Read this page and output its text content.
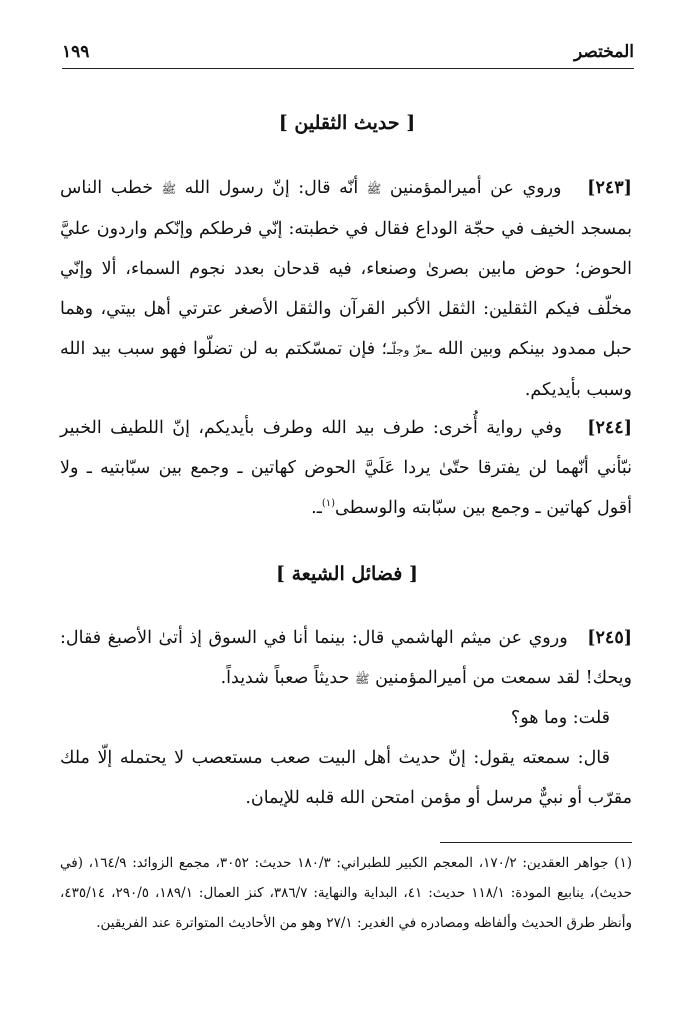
المختصر
١٩٩
[ حديث الثقلين ]
[٢٤٣]   وروي عن أميرالمؤمنين ﷺ أنّه قال: إنّ رسول الله ﷺ خطب الناس بمسجد الخيف في حجّة الوداع فقال في خطبته: إنّي فرطكم وإنّكم واردون عليَّ الحوض؛ حوض مابين بصرىٰ وصنعاء، فيه قدحان بعدد نجوم السماء، ألا وإنّي مخلّف فيكم الثقلين: الثقل الأكبر القرآن والثقل الأصغر عترتي أهل بيتي، وهما حبل ممدود بينكم وبين الله ـعزّ وجلّـ؛ فإن تمسّكتم به لن تضلّوا فهو سبب بيد الله وسبب بأيديكم.
[٢٤٤]   وفي رواية أُخرى: طرف بيد الله وطرف بأيديكم، إنّ اللطيف الخبير نبّأني أنّهما لن يفترقا حتّىٰ يردا عَلَيَّ الحوض كهاتين ـ وجمع بين سبّابتيه ـ ولا أقول كهاتين ـ وجمع بين سبّابته والوسطى$^{(١)}$ـ.
[ فضائل الشيعة ]
[٢٤٥]   وروي عن ميثم الهاشمي قال: بينما أنا في السوق إذ أتىٰ الأصبغ فقال: ويحك! لقد سمعت من أميرالمؤمنين ﷺ حديثاً صعباً شديداً.
قلت: وما هو؟
قال: سمعته يقول: إنّ حديث أهل البيت صعب مستعصب لا يحتمله إلّا ملك مقرّب أو نبيٌّ مرسل أو مؤمن امتحن الله قلبه للإيمان.
(١) جواهر العقدين: ١٧٠/٢، المعجم الكبير للطبراني: ١٨٠/٣ حديث: ٣٠٥٢، مجمع الزوائد: ١٦٤/٩، (في حديث)، ينابيع المودة: ١١٨/١ حديث: ٤١، البداية والنهاية: ٣٨٦/٧، كنز العمال: ١٨٩/١، ٢٩٠/٥، ٤٣٥/١٤، وأنظر طرق الحديث وألفاظه ومصادره في الغدير: ٢٧/١ وهو من الأحاديث المتواترة عند الفريقين.
